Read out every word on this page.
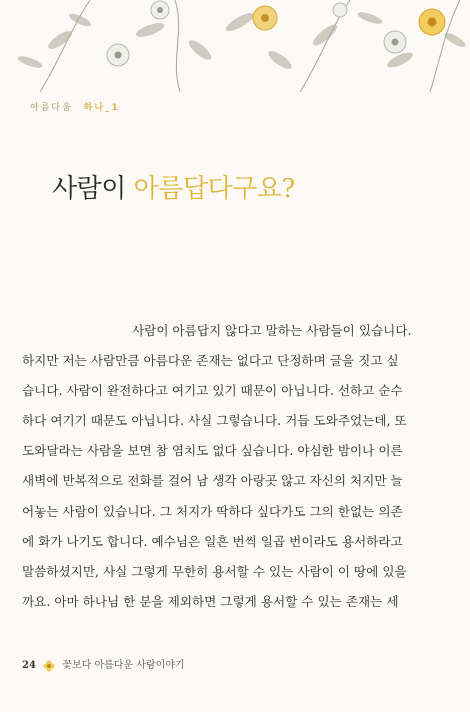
아름다움 하나_1
사람이 아름답다구요?
사람이 아름답지 않다고 말하는 사람들이 있습니다.
하지만 저는 사람만큼 아름다운 존재는 없다고 단정하며 글을 짓고 싶
습니다. 사람이 완전하다고 여기고 있기 때문이 아닙니다. 선하고 순수
하다 여기기 때문도 아닙니다. 사실 그렇습니다. 거듭 도와주었는데, 또
도와달라는 사람을 보면 참 염치도 없다 싶습니다. 야심한 밤이나 이른
새벽에 반복적으로 전화를 걸어 남 생각 아랑곳 않고 자신의 처지만 늘
어놓는 사람이 있습니다. 그 처지가 딱하다 싶다가도 그의 한없는 의존
에 화가 나기도 합니다. 예수님은 일흔 번씩 일곱 번이라도 용서하라고
말씀하셨지만, 사실 그렇게 무한히 용서할 수 있는 사람이 이 땅에 있을
까요. 아마 하나님 한 분을 제외하면 그렇게 용서할 수 있는 존재는 세
24	꽃보다 아름다운 사람이야기
